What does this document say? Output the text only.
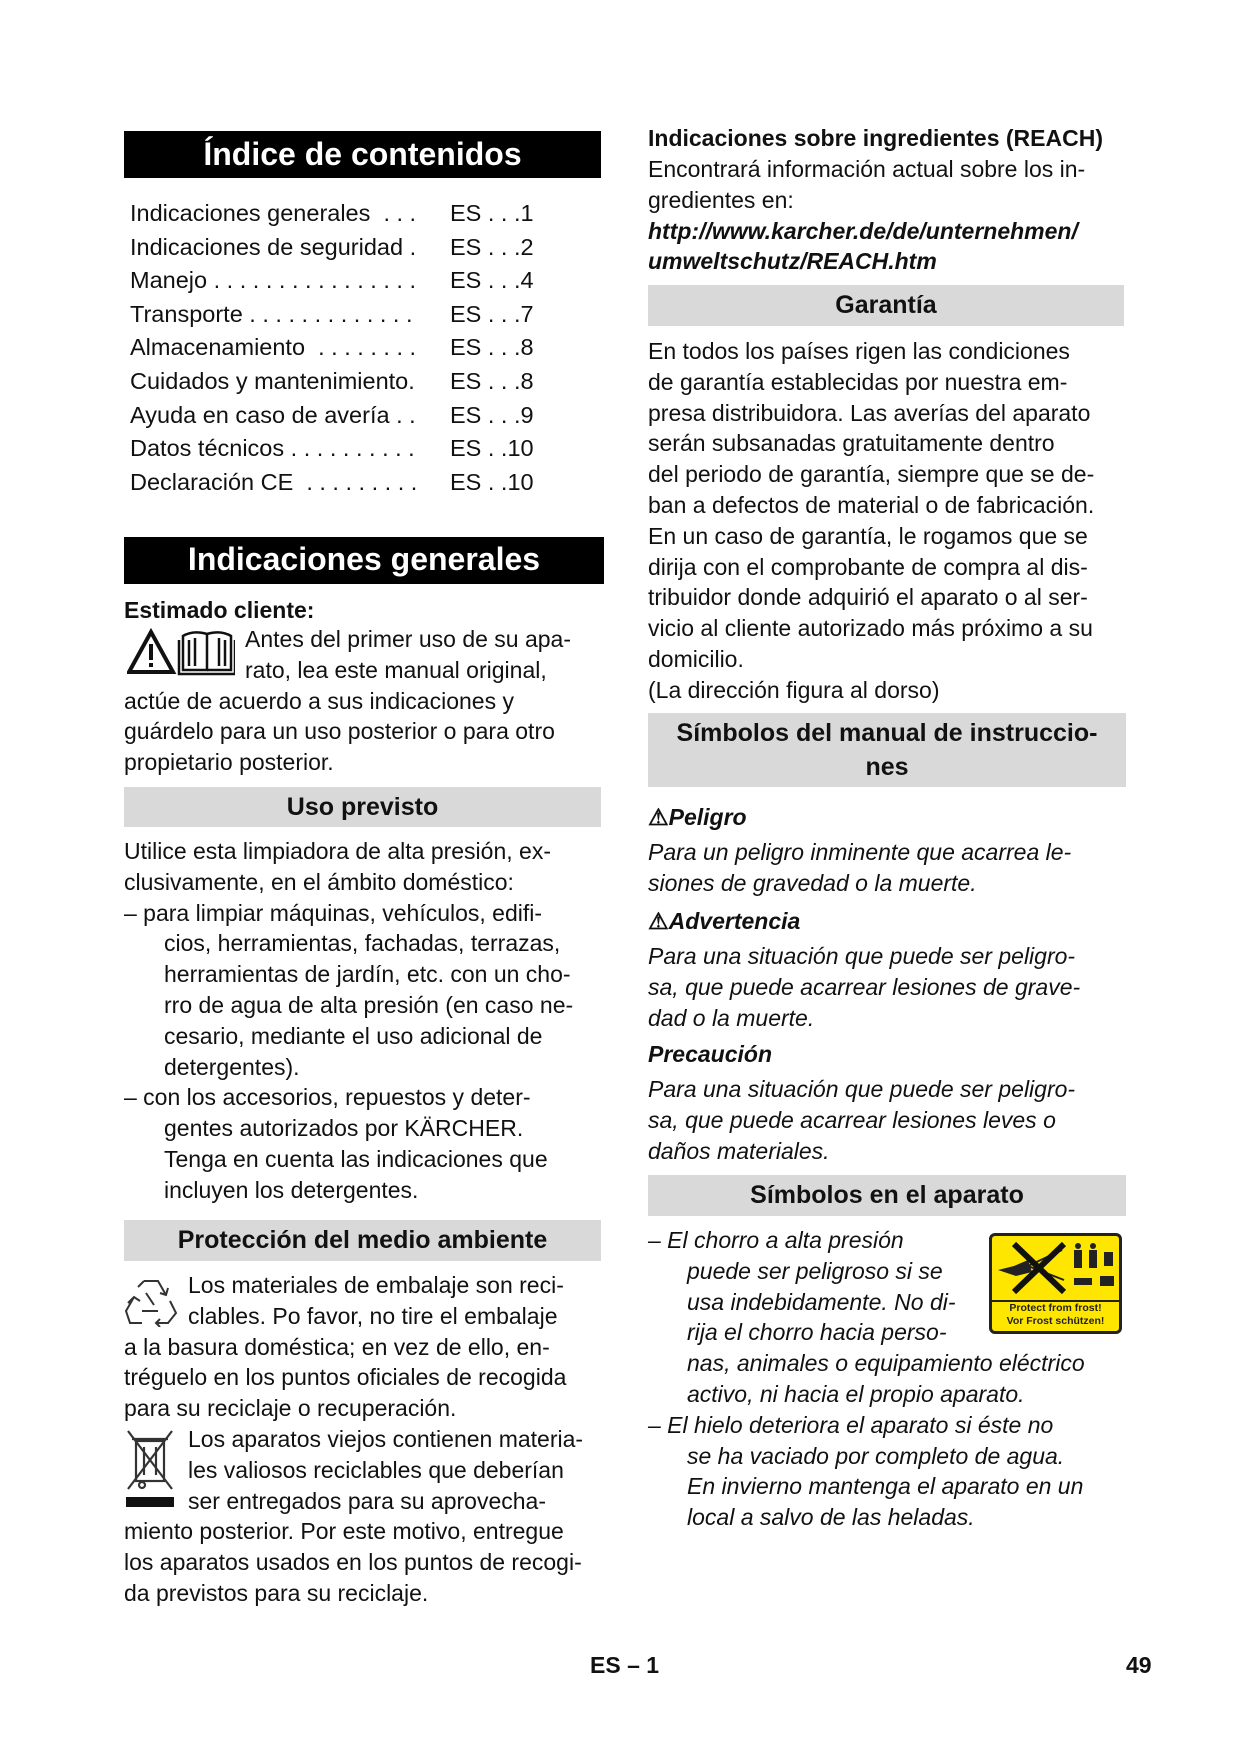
Índice de contenidos
Indicaciones generales  . . . ES . . .1
Indicaciones de seguridad . ES . . .2
Manejo . . . . . . . . . . . . . . . . ES . . .4
Transporte . . . . . . . . . . . . . ES . . .7
Almacenamiento  . . . . . . . . ES . . .8
Cuidados y mantenimiento. ES . . .8
Ayuda en caso de avería . . ES . . .9
Datos técnicos . . . . . . . . . . ES . .10
Declaración CE  . . . . . . . . . ES . .10
Indicaciones generales
Estimado cliente:
Antes del primer uso de su apa-
rato, lea este manual original,
actúe de acuerdo a sus indicaciones y
guárdelo para un uso posterior o para otro
propietario posterior.
Uso previsto
Utilice esta limpiadora de alta presión, ex-
clusivamente, en el ámbito doméstico:
– para limpiar máquinas, vehículos, edifi-
cios, herramientas, fachadas, terrazas,
herramientas de jardín, etc. con un cho-
rro de agua de alta presión (en caso ne-
cesario, mediante el uso adicional de
detergentes).
– con los accesorios, repuestos y deter-
gentes autorizados por KÄRCHER.
Tenga en cuenta las indicaciones que
incluyen los detergentes.
Protección del medio ambiente
Los materiales de embalaje son reci-
clables. Po favor, no tire el embalaje
a la basura doméstica; en vez de ello, en-
tréguelo en los puntos oficiales de recogida
para su reciclaje o recuperación.
Los aparatos viejos contienen materia-
les valiosos reciclables que deberían
ser entregados para su aprovecha-
miento posterior. Por este motivo, entregue
los aparatos usados en los puntos de recogi-
da previstos para su reciclaje.
Indicaciones sobre ingredientes (REACH)
Encontrará información actual sobre los in-
gredientes en:
http://www.karcher.de/de/unternehmen/
umweltschutz/REACH.htm
Garantía
En todos los países rigen las condiciones
de garantía establecidas por nuestra em-
presa distribuidora. Las averías del aparato
serán subsanadas gratuitamente dentro
del periodo de garantía, siempre que se de-
ban a defectos de material o de fabricación.
En un caso de garantía, le rogamos que se
dirija con el comprobante de compra al dis-
tribuidor donde adquirió el aparato o al ser-
vicio al cliente autorizado más próximo a su
domicilio.
(La dirección figura al dorso)
Símbolos del manual de instruccio-
nes
⚠Peligro
Para un peligro inminente que acarrea le-
siones de gravedad o la muerte.
⚠Advertencia
Para una situación que puede ser peligro-
sa, que puede acarrear lesiones de grave-
dad o la muerte.
Precaución
Para una situación que puede ser peligro-
sa, que puede acarrear lesiones leves o
daños materiales.
Símbolos en el aparato
– El chorro a alta presión
puede ser peligroso si se
usa indebidamente. No di-
rija el chorro hacia perso-
nas, animales o equipamiento eléctrico
activo, ni hacia el propio aparato.
– El hielo deteriora el aparato si éste no
se ha vaciado por completo de agua.
En invierno mantenga el aparato en un
local a salvo de las heladas.
Protect from frost!
Vor Frost schützen!
ES – 1	49
